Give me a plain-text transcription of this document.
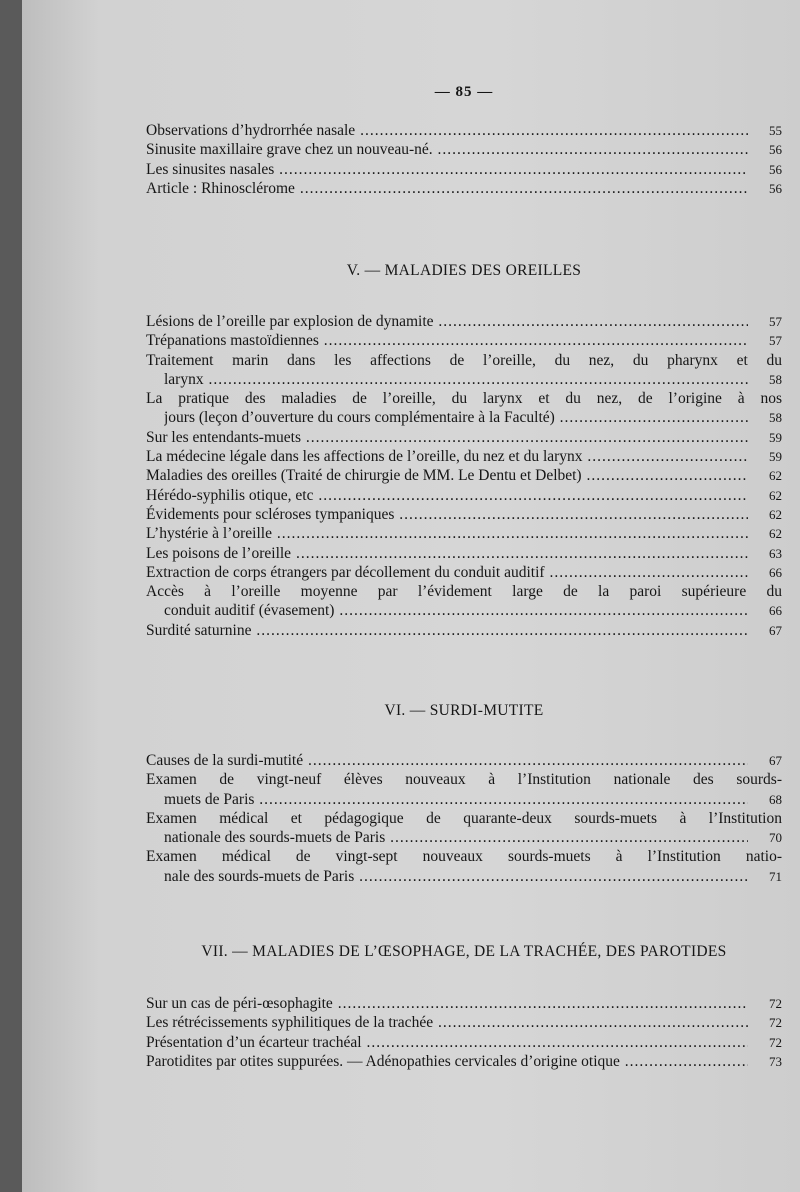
— 85 —
Observations d’hydrorrhée nasale .....	55
Sinusite maxillaire grave chez un nouveau-né. .....	56
Les sinusites nasales .....	56
Article : Rhinosclérome .....	56
V. — MALADIES DES OREILLES
Lésions de l’oreille par explosion de dynamite .....	57
Trépanations mastoïdiennes .....	57
Traitement marin dans les affections de l’oreille, du nez, du pharynx et du
larynx .....	58
La pratique des maladies de l’oreille, du larynx et du nez, de l’origine à nos
jours (leçon d’ouverture du cours complémentaire à la Faculté) .....	58
Sur les entendants-muets .....	59
La médecine légale dans les affections de l’oreille, du nez et du larynx .....	59
Maladies des oreilles (Traité de chirurgie de MM. Le Dentu et Delbet) .....	62
Hérédo-syphilis otique, etc .....	62
Évidements pour scléroses tympaniques .....	62
L’hystérie à l’oreille .....	62
Les poisons de l’oreille .....	63
Extraction de corps étrangers par décollement du conduit auditif .....	66
Accès à l’oreille moyenne par l’évidement large de la paroi supérieure du
conduit auditif (évasement) .....	66
Surdité saturnine .....	67
VI. — SURDI-MUTITE
Causes de la surdi-mutité .....	67
Examen de vingt-neuf élèves nouveaux à l’Institution nationale des sourds-
muets de Paris .....	68
Examen médical et pédagogique de quarante-deux sourds-muets à l’Institution
nationale des sourds-muets de Paris .....	70
Examen médical de vingt-sept nouveaux sourds-muets à l’Institution natio-
nale des sourds-muets de Paris .....	71
VII. — MALADIES DE L’ŒSOPHAGE, DE LA TRACHÉE, DES PAROTIDES
Sur un cas de péri-œsophagite .....	72
Les rétrécissements syphilitiques de la trachée .....	72
Présentation d’un écarteur trachéal .....	72
Parotidites par otites suppurées. — Adénopathies cervicales d’origine otique .....	73
